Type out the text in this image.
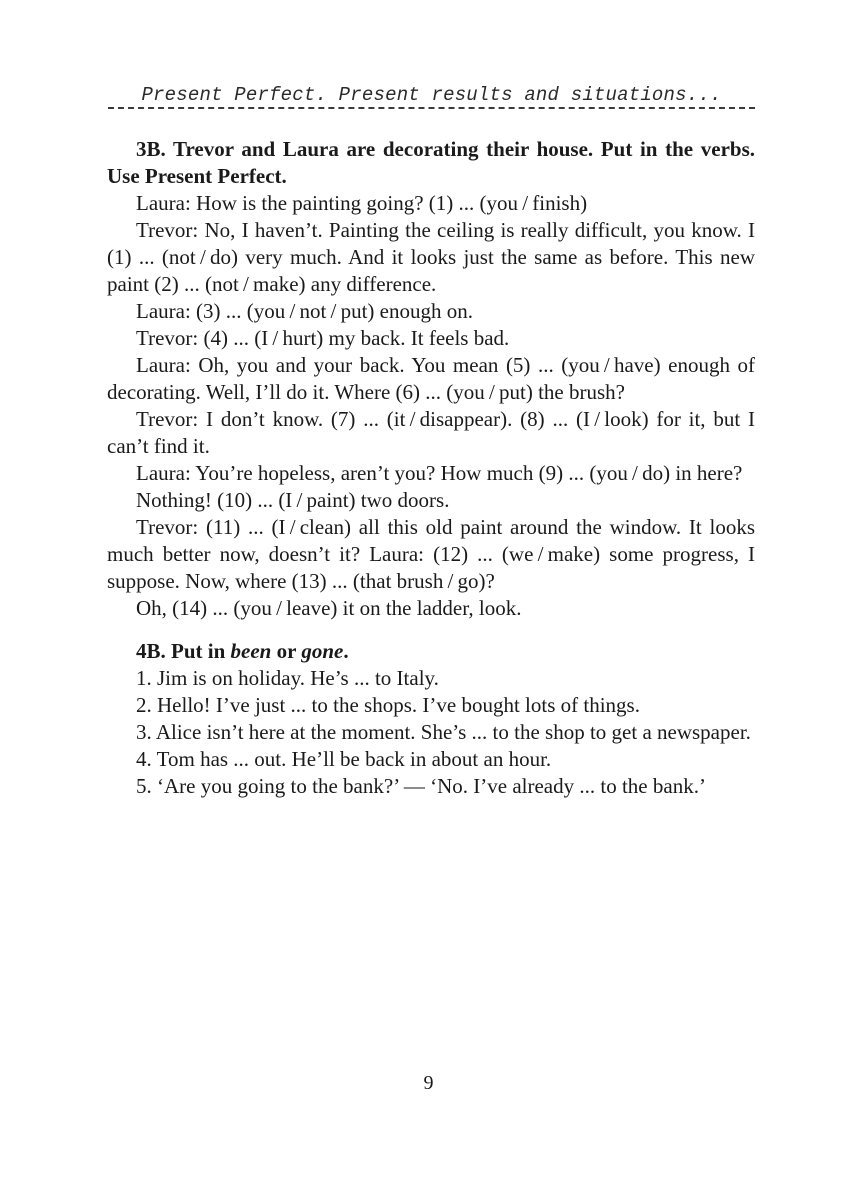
Present Perfect. Present results and situations...

3B. Trevor and Laura are decorating their house. Put in the verbs. Use Present Perfect.

Laura: How is the painting going? (1) ... (you / finish)

Trevor: No, I haven’t. Painting the ceiling is really difficult, you know. I (1) ... (not / do) very much. And it looks just the same as before. This new paint (2) ... (not / make) any difference.

Laura: (3) ... (you / not / put) enough on.

Trevor: (4) ... (I / hurt) my back. It feels bad.

Laura: Oh, you and your back. You mean (5) ... (you / have) enough of decorating. Well, I’ll do it. Where (6) ... (you / put) the brush?

Trevor: I don’t know. (7) ... (it / disappear). (8) ... (I / look) for it, but I can’t find it.

Laura: You’re hopeless, aren’t you? How much (9) ... (you / do) in here?

Nothing! (10) ... (I / paint) two doors.

Trevor: (11) ... (I / clean) all this old paint around the window. It looks much better now, doesn’t it? Laura: (12) ... (we / make) some progress, I suppose. Now, where (13) ... (that brush / go)?

Oh, (14) ... (you / leave) it on the ladder, look.

4B. Put in been or gone.

1. Jim is on holiday. He’s ... to Italy.

2. Hello! I’ve just ... to the shops. I’ve bought lots of things.

3. Alice isn’t here at the moment. She’s ... to the shop to get a newspaper.

4. Tom has ... out. He’ll be back in about an hour.

5. ‘Are you going to the bank?’ — ‘No. I’ve already ... to the bank.’

9
